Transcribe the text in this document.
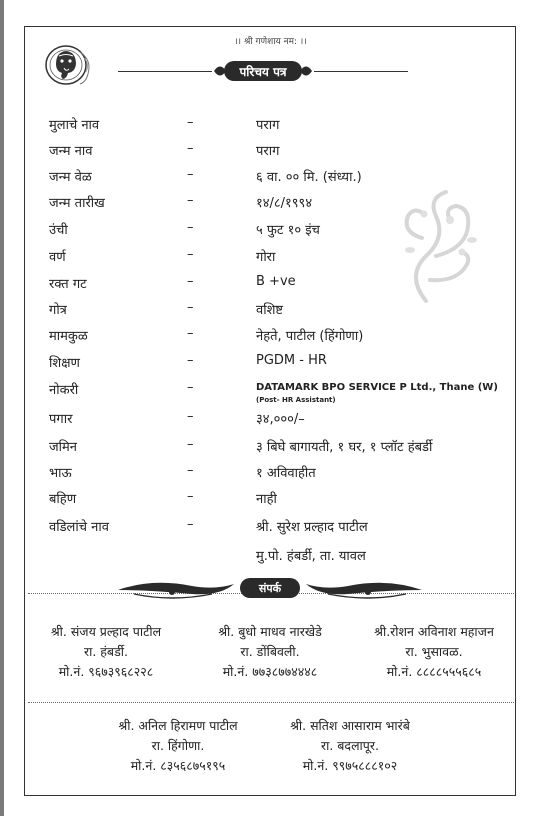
।। श्री गणेशाय नम: ।।
परिचय पत्र
मुलाचे नाव	–	पराग
जन्म नाव	–	पराग
जन्म वेळ	–	६ वा. ०० मि. (संध्या.)
जन्म तारीख	–	१४/८/१९९४
उंची	–	५ फुट १० इंच
वर्ण	–	गोरा
रक्त गट	–	B +ve
गोत्र	–	वशिष्ट
मामकुळ	–	नेहते, पाटील (हिंगोणा)
शिक्षण	–	PGDM - HR
नोकरी	–	DATAMARK BPO SERVICE P Ltd., Thane (W)
(Post- HR Assistant)
पगार	–	३४,०००/–
जमिन	–	३ बिघे बागायती, १ घर, १ प्लॉट हंबर्डी
भाऊ	–	१ अविवाहीत
बहिण	–	नाही
वडिलांचे नाव	–	श्री. सुरेश प्रल्हाद पाटील
मु.पो. हंबर्डी, ता. यावल
संपर्क
श्री. संजय प्रल्हाद पाटील
रा. हंबर्डी.
मो.नं. ९६७३९६८२२८
श्री. बुधो माधव नारखेडे
रा. डोंबिवली.
मो.नं. ७७३८७७४४४८
श्री.रोशन अविनाश महाजन
रा. भुसावळ.
मो.नं. ८८८८५५५६८५
श्री. अनिल हिरामण पाटील
रा. हिंगोणा.
मो.नं. ८३५६८७५१९५
श्री. सतिश आसाराम भारंबे
रा. बदलापूर.
मो.नं. ९९७५८८८१०२
